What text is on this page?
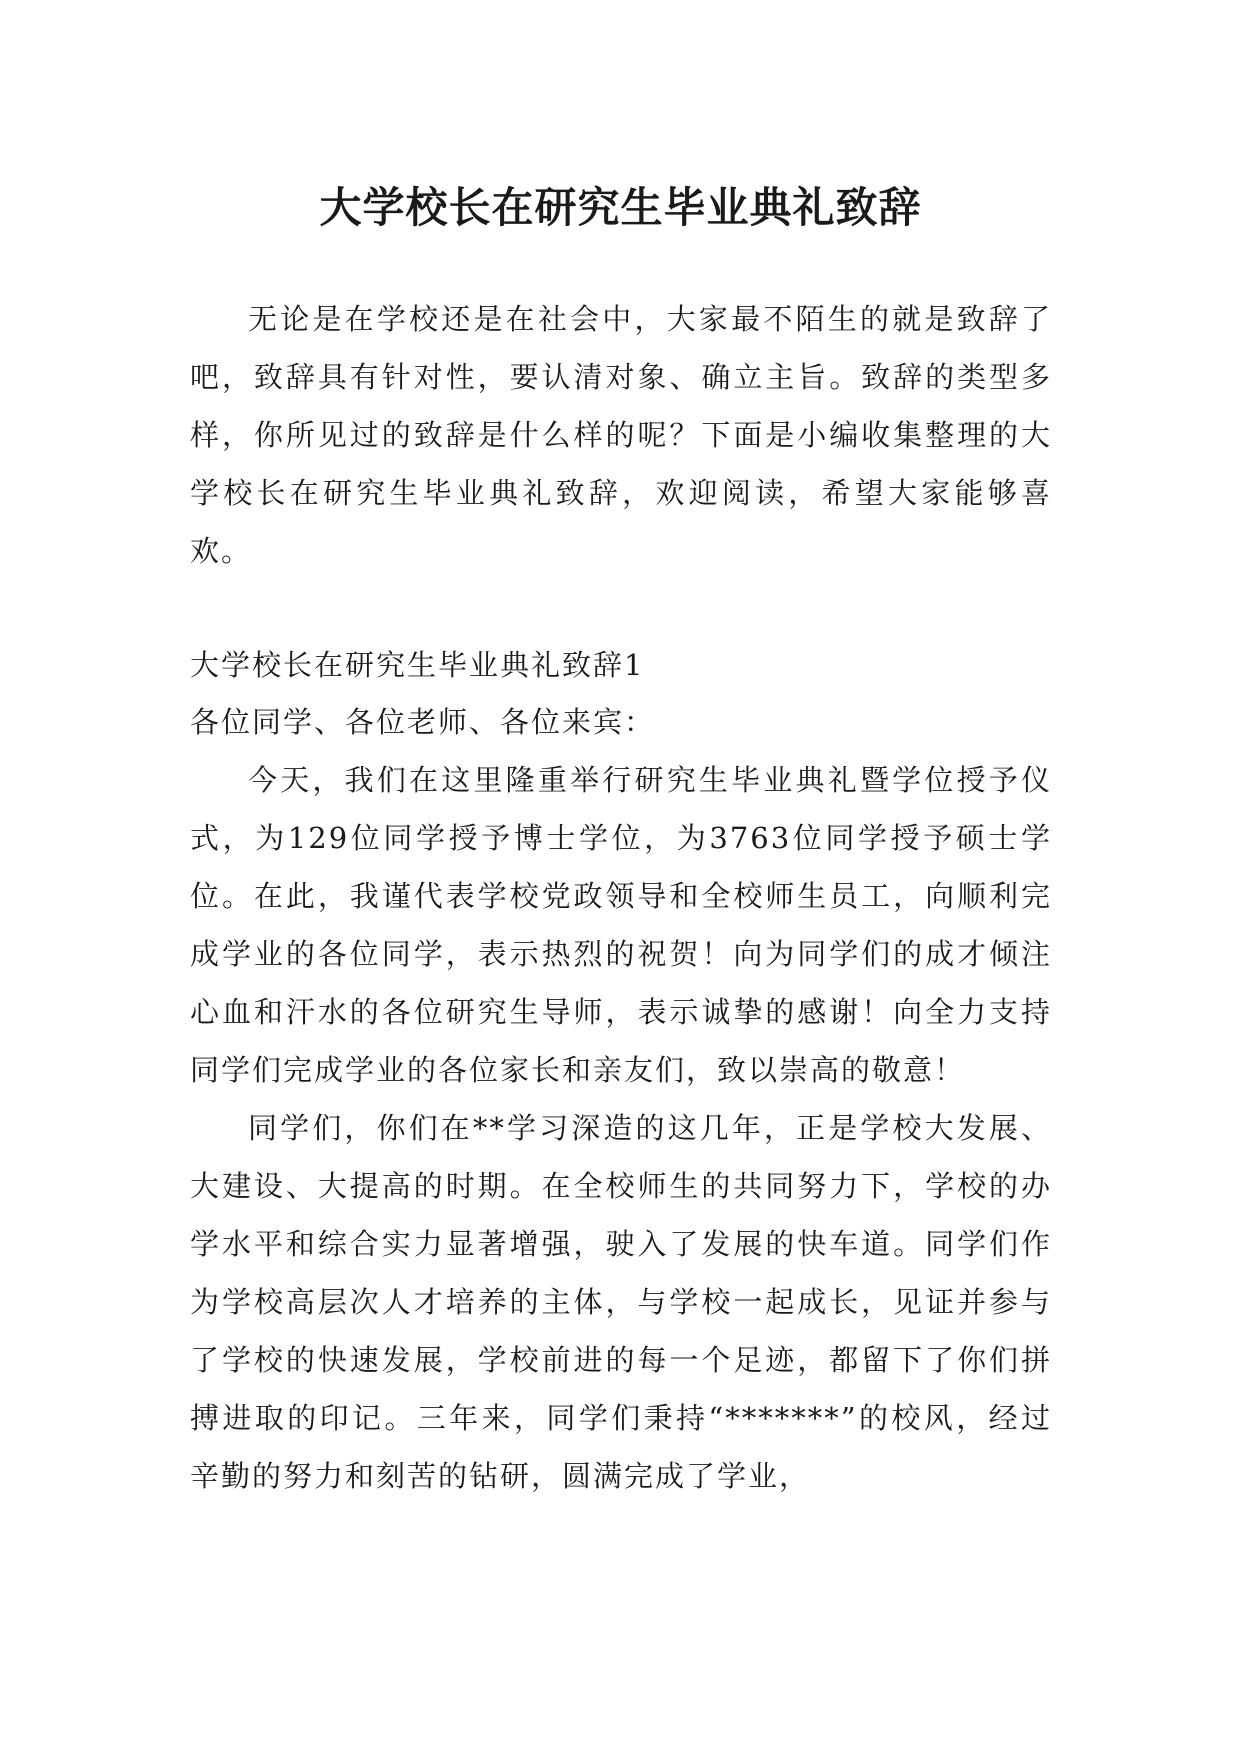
大学校长在研究生毕业典礼致辞

无论是在学校还是在社会中，大家最不陌生的就是致辞了吧，致辞具有针对性，要认清对象、确立主旨。致辞的类型多样，你所见过的致辞是什么样的呢？下面是小编收集整理的大学校长在研究生毕业典礼致辞，欢迎阅读，希望大家能够喜欢。

大学校长在研究生毕业典礼致辞1

各位同学、各位老师、各位来宾：

今天，我们在这里隆重举行研究生毕业典礼暨学位授予仪式，为129位同学授予博士学位，为3763位同学授予硕士学位。在此，我谨代表学校党政领导和全校师生员工，向顺利完成学业的各位同学，表示热烈的祝贺！向为同学们的成才倾注心血和汗水的各位研究生导师，表示诚挚的感谢！向全力支持同学们完成学业的各位家长和亲友们，致以崇高的敬意！

同学们，你们在**学习深造的这几年，正是学校大发展、大建设、大提高的时期。在全校师生的共同努力下，学校的办学水平和综合实力显著增强，驶入了发展的快车道。同学们作为学校高层次人才培养的主体，与学校一起成长，见证并参与了学校的快速发展，学校前进的每一个足迹，都留下了你们拼搏进取的印记。三年来，同学们秉持“*******”的校风，经过辛勤的努力和刻苦的钻研，圆满完成了学业，
